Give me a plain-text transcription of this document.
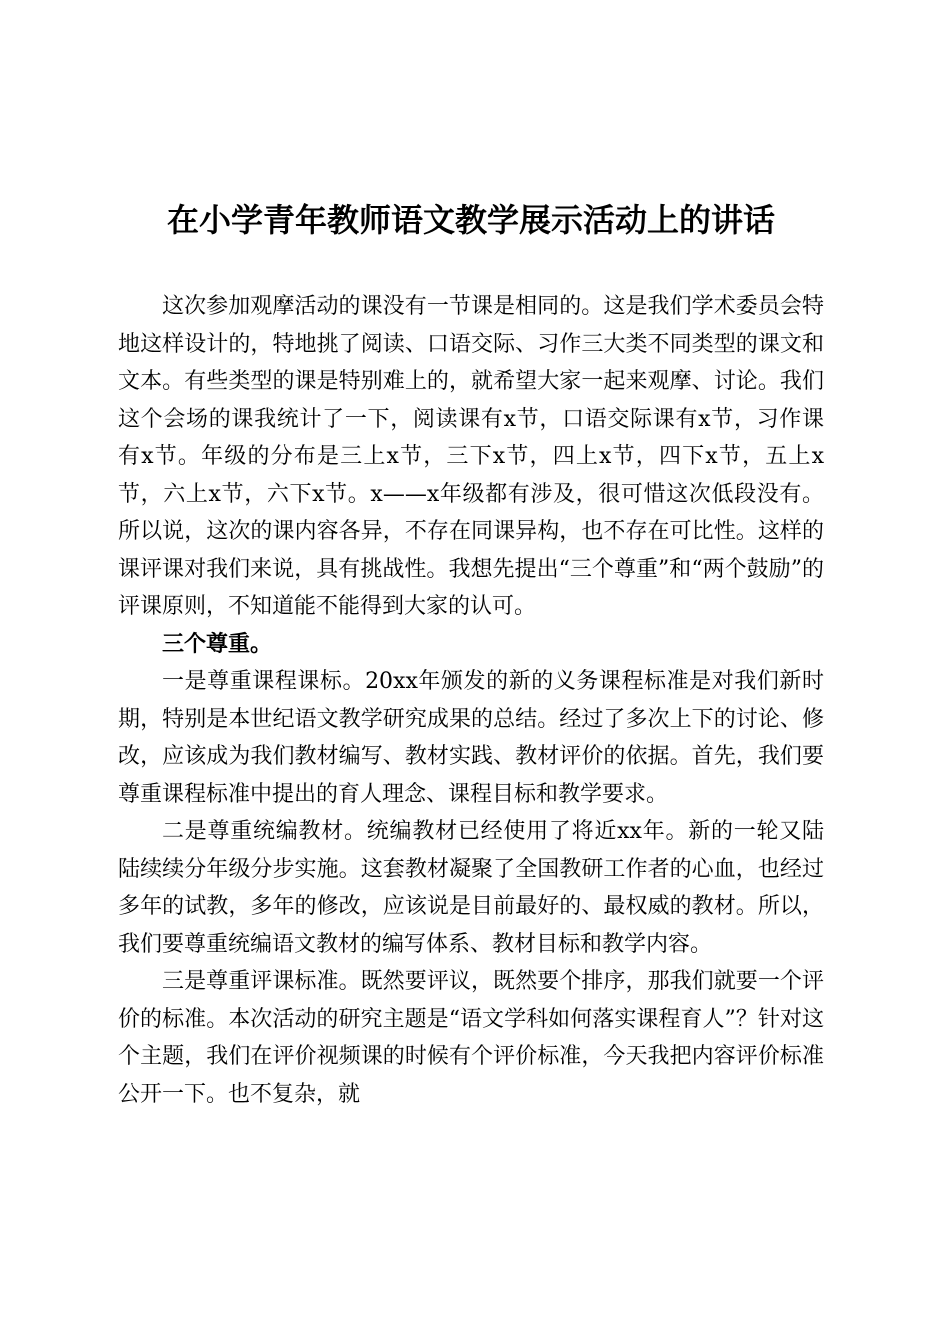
在小学青年教师语文教学展示活动上的讲话

这次参加观摩活动的课没有一节课是相同的。这是我们学术委员会特地这样设计的，特地挑了阅读、口语交际、习作三大类不同类型的课文和文本。有些类型的课是特别难上的，就希望大家一起来观摩、讨论。我们这个会场的课我统计了一下，阅读课有x节，口语交际课有x节，习作课有x节。年级的分布是三上x节，三下x节，四上x节，四下x节，五上x节，六上x节，六下x节。x——x年级都有涉及，很可惜这次低段没有。所以说，这次的课内容各异，不存在同课异构，也不存在可比性。这样的课评课对我们来说，具有挑战性。我想先提出“三个尊重”和“两个鼓励”的评课原则，不知道能不能得到大家的认可。

三个尊重。

一是尊重课程课标。20xx年颁发的新的义务课程标准是对我们新时期，特别是本世纪语文教学研究成果的总结。经过了多次上下的讨论、修改，应该成为我们教材编写、教材实践、教材评价的依据。首先，我们要尊重课程标准中提出的育人理念、课程目标和教学要求。

二是尊重统编教材。统编教材已经使用了将近xx年。新的一轮又陆陆续续分年级分步实施。这套教材凝聚了全国教研工作者的心血，也经过多年的试教，多年的修改，应该说是目前最好的、最权威的教材。所以，我们要尊重统编语文教材的编写体系、教材目标和教学内容。

三是尊重评课标准。既然要评议，既然要个排序，那我们就要一个评价的标准。本次活动的研究主题是“语文学科如何落实课程育人”？针对这个主题，我们在评价视频课的时候有个评价标准，今天我把内容评价标准公开一下。也不复杂，就
